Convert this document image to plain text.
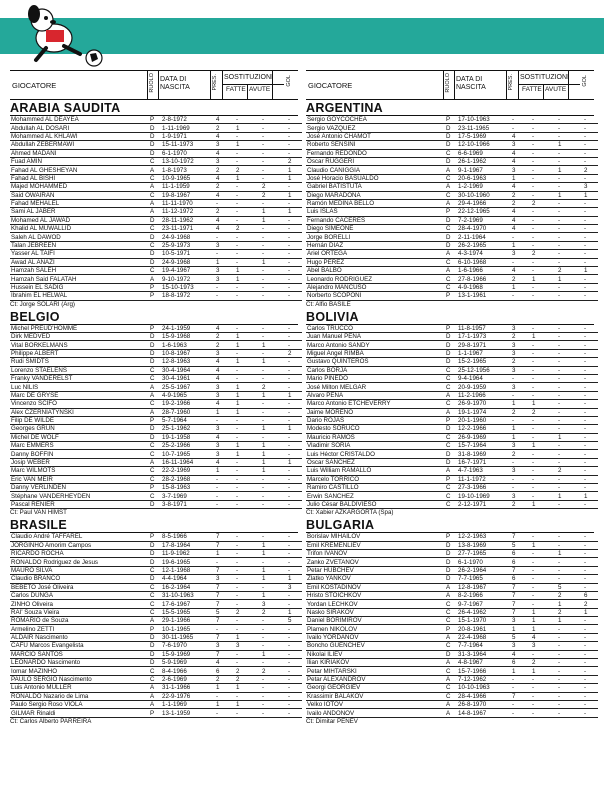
GIOCATORE	RUOLO DATA DI NASCITA	PRES. SOSTITUZIONI
FATTE AVUTE
GOL
ARABIA SAUDITA
Mohammed AL DEAYEA	P	2-8-1972	4	-	-	-
Abdullah AL DOSARI	D	1-11-1969	2	1	-	-
Mohammed AL KHLAWI	D	1-9-1971	4	-	-	-
Abdullah ZEBERMAWI	D	15-11-1973	3	1	-	-
Ahmed MADANI	D	6-1-1970	4	-	-	-
Fuad AMIN	C	13-10-1972	3	-	-	2
Fahad AL GHESHEYAN	A	1-8-1973	2	2	-	1
Fahad AL BISHI	C	10-9-1965	4	1	-	1
Majed MOHAMMED	A	11-1-1959	2	-	2	-
Said OWAIRAN	C	19-8-1967	4	-	2	1
Fahad MEHALEL	A	11-11-1970	-	-	-	-
Sami AL JABER	A	11-12-1972	2	-	1	1
Mohamed AL JAWAD	D	28-11-1962	4	-	1	-
Khalid AL MUWALLID	C	23-11-1971	4	2	-	-
Saleh AL DAWOD	D	24-9-1968	-	-	-	-
Talan JEBREEN	C	25-9-1973	3	-	-	-
Yasser AL TAIFI	D	10-5-1971	-	-	-	-
Awad AL ANAZI	D	24-9-1968	1	-	1	-
Hamzah SALEH	C	19-4-1967	3	1	-	-
Hamzah Said FALATAH	A	9-10-1972	3	1	-	-
Hussein EL SADIG	P	15-10-1973	-	-	-	-
Ibrahim EL HELWAL	P	18-8-1972	-	-	-	-
Ct: Jorge SOLARI (Arg)
BELGIO
Michel PREUD'HOMME	P	24-1-1959	4	-	-	-
Dirk MEDVED	D	15-9-1968	2	1	-	-
Vital BORKELMANS	D	1-6-1963	2	1	1	-
Philippe ALBERT	D	10-8-1967	3	-	-	2
Rudi SMIDTS	D	12-8-1963	4	1	1	-
Lorenzo STAELENS	C	30-4-1964	4	-	-	-
Franky VANDERELST	C	30-4-1961	4	-	-	-
Luc NILIS	A	25-5-1967	3	1	2	-
Marc DE GRYSE	A	4-9-1965	3	1	1	1
Vincenzo SCIFO	C	19-2-1966	4	1	-	-
Alex CZERNIATYNSKI	A	28-7-1960	1	1	-	-
Filip DE WILDE	P	5-7-1964	-	-	-	-
Georges GRUN	D	25-1-1962	3	-	1	1
Michel DE WOLF	D	19-1-1958	4	-	-	-
Marc EMMERS	C	25-2-1966	3	1	1	-
Danny BOFFIN	C	10-7-1965	3	1	1	-
Josip WEBER	A	16-11-1964	4	-	1	1
Marc WILMOTS	C	22-2-1969	1	-	1	-
Eric VAN MEIR	C	28-2-1968	-	-	-	-
Danny VERLINDEN	P	15-8-1963	-	-	-	-
Stéphane VANDERHEYDEN	C	3-7-1969	-	-	-	-
Pascal RENIER	D	3-8-1971	-	-	-	-
Ct: Paul VAN HIMST
BRASILE
Claudio André TAFFAREL	P	8-5-1966	7	-	-	-
JORGINHO Amorim Campos	D	17-8-1964	7	-	1	-
RICARDO ROCHA	D	11-9-1962	1	-	1	-
RONALDO Rodriguez de Jesus	D	19-6-1965	-	-	-	-
MAURO SILVA	C	12-1-1968	7	-	1	-
Claudio BRANCO	D	4-4-1964	3	-	1	1
BEBETO José Oliveira	C	16-2-1964	7	-	-	3
Carlos DUNGA	C	31-10-1963	7	-	1	-
ZINHO Oliveira	C	17-6-1967	7	-	3	-
RAI' Souza Vieira	C	15-5-1965	5	2	2	1
ROMARIO de Souza	A	29-1-1966	7	-	-	5
Armelino ZETTI	P	10-1-1965	-	-	-	-
ALDAIR Nascimento	D	30-11-1965	7	1	-	-
CAFU Marcos Evangelista	D	7-6-1970	3	3	-	-
MARCIO SANTOS	D	15-9-1969	7	-	1	-
LEONARDO Nascimento	D	5-9-1969	4	-	-	-
Iomar MAZINHO	C	8-4-1966	6	2	2	-
PAULO SERGIO Nascimento	C	2-6-1969	2	2	-	-
Luis Antonio MULLER	A	31-1-1966	1	1	-	-
RONALDO Nazario de Lima	A	22-9-1976	-	-	-	-
Paulo Sergio Roso VIOLA	A	1-1-1969	1	1	-	-
GILMAR Rinaldi	P	13-1-1959	-	-	-	-
Ct: Carlos Alberto PARREIRA
GIOCATORE	RUOLO DATA DI NASCITA	PRES. SOSTITUZIONI
FATTE AVUTE
GOL
ARGENTINA
Sergio GOYCOCHEA	P	17-10-1963	-	-	-	-
Sergio VAZQUEZ	D	23-11-1965	-	-	-	-
José Antonio CHAMOT	D	17-5-1969	4	-	-	-
Roberto SENSINI	D	12-10-1966	3	-	1	-
Fernando REDONDO	C	6-6-1969	4	-	-	-
Oscar RUGGERI	D	26-1-1962	4	-	-	-
Claudio CANIGGIA	A	9-1-1967	3	-	1	2
José Horacio BASUALDO	C	20-6-1963	1	-	-	-
Gabriel BATISTUTA	A	1-2-1969	4	-	-	3
Diego MARADONA	C	30-10-1960	2	-	1	1
Ramón MEDINA BELLO	A	29-4-1966	2	2	-	-
Luis ISLAS	P	22-12-1965	4	-	-	-
Fernando CACERES	D	7-2-1969	4	-	-	-
Diego SIMEONE	C	28-4-1970	4	-	-	-
Jorge BORELLI	D	2-11-1964	-	-	-	-
Hernán DIAZ	D	26-2-1965	1	-	-	-
Ariel ORTEGA	A	4-3-1974	3	2	-	-
Hugo PEREZ	C	6-10-1968	-	-	-	-
Abel BALBO	A	1-6-1966	4	-	2	1
Leonardo RODRIGUEZ	C	27-8-1966	2	1	1	-
Alejandro MANCUSO	C	4-9-1968	1	-	-	-
Norberto SCOPONI	P	13-1-1961	-	-	-	-
Ct: Alfio BASILE
BOLIVIA
Carlos TRUCCO	P	11-8-1957	3	-	-	-
Juan Manuel PEÑA	D	17-1-1973	2	1	-	-
Marco Antonio SANDY	D	29-8-1971	3	-	-	-
Miguel Angel RIMBA	D	1-1-1967	3	-	-	-
Gustavo QUINTEROS	D	15-2-1965	2	-	-	-
Carlos BORJA	C	25-12-1956	3	-	-	-
Mario PINEDO	C	9-4-1964	-	-	-	-
José Milton MELGAR	C	20-9-1959	3	-	-	-
Alvaro PEÑA	A	11-2-1966	-	-	-	-
Marco Antonio ETCHEVERRY	C	26-9-1970	1	1	-	-
Jaime MORENO	A	19-1-1974	2	2	-	-
Dario ROJAS	P	20-1-1960	-	-	-	-
Modesto SORUCO	D	12-2-1966	1	-	-	-
Mauricio RAMOS	C	26-9-1969	1	-	1	-
Vladimir SORIA	C	15-7-1964	3	1	-	-
Luis Héctor CRISTALDO	D	31-8-1969	2	-	-	-
Oscar SANCHEZ	D	16-7-1971	-	-	-	-
Luis William RAMALLO	A	4-7-1963	3	-	2	-
Marcelo TORRICO	P	11-1-1972	-	-	-	-
Ramiro CASTILLO	C	27-3-1966	-	-	-	-
Erwin SANCHEZ	C	19-10-1969	3	-	1	1
Julio César BALDIVIESO	C	2-12-1971	2	1	-	-
Ct: Xabier AZKARGORTA (Spa)
BULGARIA
Borislav MIHAILOV	P	12-2-1963	7	-	-	-
Emil KREMENLIEV	D	13-8-1969	5	1	-	-
Trifon IVANOV	D	27-7-1965	6	-	1	-
Zanko ZVETANOV	D	6-1-1970	6	-	-	-
Petar HUBCHEV	D	26-2-1964	7	-	-	-
Zlatko YANKOV	D	7-7-1965	6	-	-	-
Emil KOSTADINOV	A	12-8-1967	7	-	5	-
Hristo STOICHKOV	A	8-2-1966	7	-	2	6
Yordan LECHKOV	C	9-7-1967	7	-	1	2
Nasko SIRAKOV	C	26-4-1962	7	1	2	1
Daniel BORIMIROV	C	15-1-1970	3	1	1	-
Plamen NIKOLOV	P	20-8-1961	1	1	-	-
Ivailo YORDANOV	A	22-4-1968	5	4	-	-
Boncho GUENCHEV	C	7-7-1964	3	3	-	-
Nikolai ILIEV	D	31-3-1964	4	-	-	-
Ilian KIRIAKOV	A	4-8-1967	6	2	-	-
Petar MIHTARSKI	C	15-7-1966	1	1	-	-
Petar ALEXANDROV	A	7-12-1962	-	-	-	-
Georgi GEORGIEV	C	10-10-1963	-	-	-	-
Krassimir BALAKOV	C	28-4-1966	7	-	-	-
Velko IOTOV	A	26-8-1970	-	-	-	-
Ivailo ANDONOV	A	14-8-1967	-	-	-	-
Ct: Dimitar PENEV
